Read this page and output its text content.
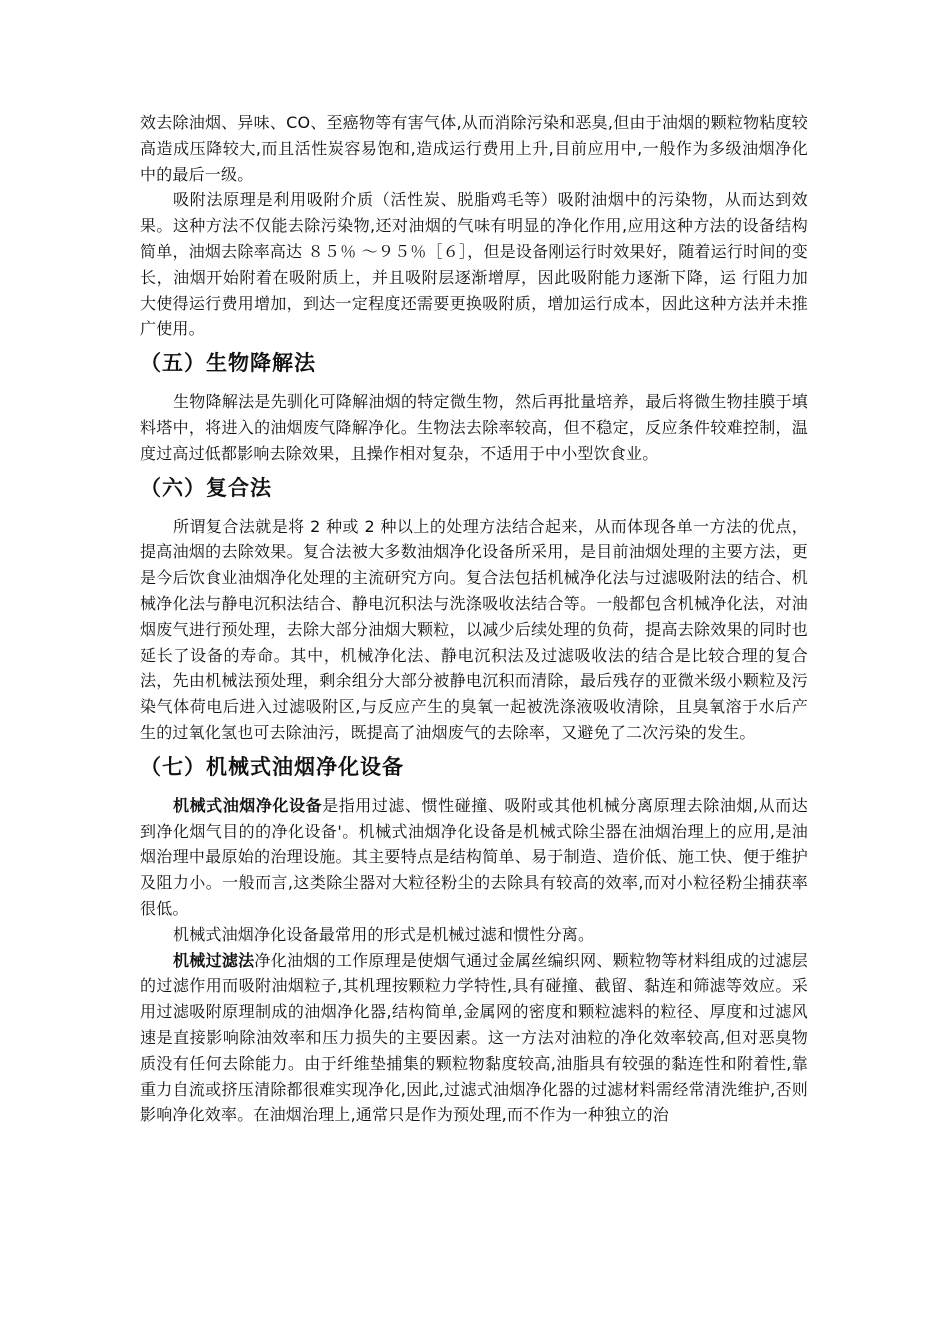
效去除油烟、异味、CO、至癌物等有害气体,从而消除污染和恶臭,但由于油烟的颗粒物粘度较高造成压降较大,而且活性炭容易饱和,造成运行费用上升,目前应用中,一般作为多级油烟净化中的最后一级。

吸附法原理是利用吸附介质（活性炭、脱脂鸡毛等）吸附油烟中的污染物，从而达到效果。这种方法不仅能去除污染物,还对油烟的气味有明显的净化作用,应用这种方法的设备结构简单，油烟去除率高达 ８５％ ～９５％［６］，但是设备刚运行时效果好，随着运行时间的变长，油烟开始附着在吸附质上，并且吸附层逐渐增厚，因此吸附能力逐渐下降，运 行阻力加大使得运行费用增加，到达一定程度还需要更换吸附质，增加运行成本，因此这种方法并未推广使用。

（五）生物降解法

生物降解法是先驯化可降解油烟的特定微生物，然后再批量培养，最后将微生物挂膜于填料塔中，将进入的油烟废气降解净化。生物法去除率较高，但不稳定，反应条件较难控制，温度过高过低都影响去除效果，且操作相对复杂，不适用于中小型饮食业。

（六）复合法

所谓复合法就是将 2 种或 2 种以上的处理方法结合起来，从而体现各单一方法的优点，提高油烟的去除效果。复合法被大多数油烟净化设备所采用，是目前油烟处理的主要方法，更是今后饮食业油烟净化处理的主流研究方向。复合法包括机械净化法与过滤吸附法的结合、机械净化法与静电沉积法结合、静电沉积法与洗涤吸收法结合等。一般都包含机械净化法，对油烟废气进行预处理，去除大部分油烟大颗粒，以减少后续处理的负荷，提高去除效果的同时也延长了设备的寿命。其中，机械净化法、静电沉积法及过滤吸收法的结合是比较合理的复合法，先由机械法预处理，剩余组分大部分被静电沉积而清除，最后残存的亚微米级小颗粒及污染气体荷电后进入过滤吸附区,与反应产生的臭氧一起被洗涤液吸收清除，且臭氧溶于水后产生的过氧化氢也可去除油污，既提高了油烟废气的去除率，又避免了二次污染的发生。

（七）机械式油烟净化设备

机械式油烟净化设备是指用过滤、惯性碰撞、吸附或其他机械分离原理去除油烟,从而达到净化烟气目的的净化设备'。机械式油烟净化设备是机械式除尘器在油烟治理上的应用,是油烟治理中最原始的治理设施。其主要特点是结构简单、易于制造、造价低、施工快、便于维护及阻力小。一般而言,这类除尘器对大粒径粉尘的去除具有较高的效率,而对小粒径粉尘捕获率很低。

机械式油烟净化设备最常用的形式是机械过滤和惯性分离。

机械过滤法净化油烟的工作原理是使烟气通过金属丝编织网、颗粒物等材料组成的过滤层的过滤作用而吸附油烟粒子,其机理按颗粒力学特性,具有碰撞、截留、黏连和筛滤等效应。采用过滤吸附原理制成的油烟净化器,结构简单,金属网的密度和颗粒滤料的粒径、厚度和过滤风速是直接影响除油效率和压力损失的主要因素。这一方法对油粒的净化效率较高,但对恶臭物质没有任何去除能力。由于纤维垫捕集的颗粒物黏度较高,油脂具有较强的黏连性和附着性,靠重力自流或挤压清除都很难实现净化,因此,过滤式油烟净化器的过滤材料需经常清洗维护,否则影响净化效率。在油烟治理上,通常只是作为预处理,而不作为一种独立的治
